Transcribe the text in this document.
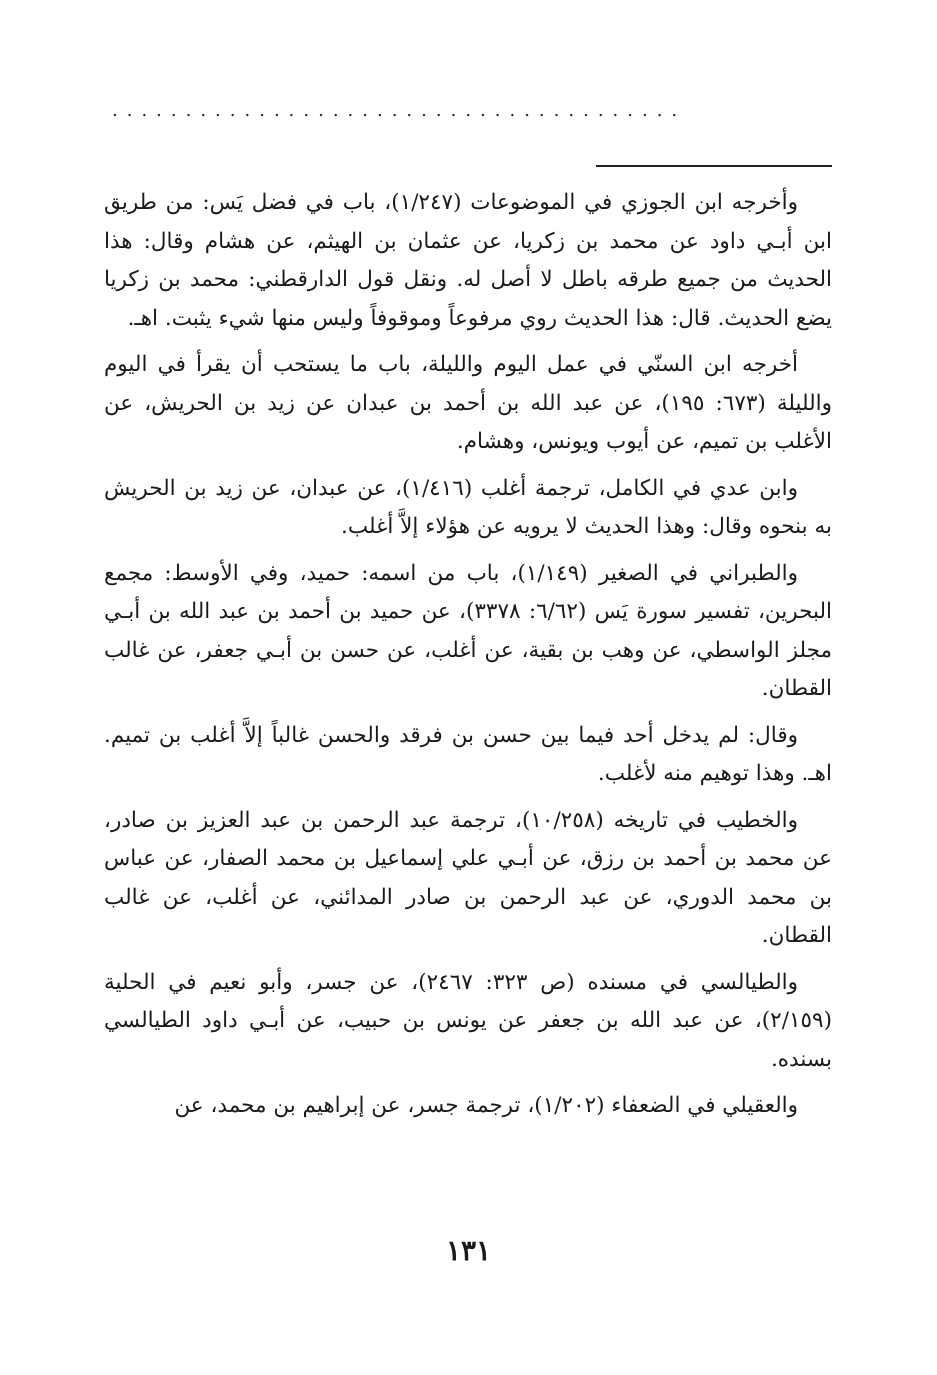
.......................................

وأخرجه ابن الجوزي في الموضوعات (١/٢٤٧)، باب في فضل يَس: من طريق ابن أبـي داود عن محمد بن زكريا، عن عثمان بن الهيثم، عن هشام وقال: هذا الحديث من جميع طرقه باطل لا أصل له. ونقل قول الدارقطني: محمد بن زكريا يضع الحديث. قال: هذا الحديث روي مرفوعاً وموقوفاً وليس منها شيء يثبت. اهـ.

أخرجه ابن السنّي في عمل اليوم والليلة، باب ما يستحب أن يقرأ في اليوم والليلة (٦٧٣: ١٩٥)، عن عبد الله بن أحمد بن عبدان عن زيد بن الحريش، عن الأغلب بن تميم، عن أيوب ويونس، وهشام.

وابن عدي في الكامل، ترجمة أغلب (١/٤١٦)، عن عبدان، عن زيد بن الحريش به بنحوه وقال: وهذا الحديث لا يرويه عن هؤلاء إلاَّ أغلب.

والطبراني في الصغير (١/١٤٩)، باب من اسمه: حميد، وفي الأوسط: مجمع البحرين، تفسير سورة يَس (٦/٦٢: ٣٣٧٨)، عن حميد بن أحمد بن عبد الله بن أبـي مجلز الواسطي، عن وهب بن بقية، عن أغلب، عن حسن بن أبـي جعفر، عن غالب القطان.

وقال: لم يدخل أحد فيما بين حسن بن فرقد والحسن غالباً إلاَّ أغلب بن تميم. اهـ. وهذا توهيم منه لأغلب.

والخطيب في تاريخه (١٠/٢٥٨)، ترجمة عبد الرحمن بن عبد العزيز بن صادر، عن محمد بن أحمد بن رزق، عن أبـي علي إسماعيل بن محمد الصفار، عن عباس بن محمد الدوري، عن عبد الرحمن بن صادر المدائني، عن أغلب، عن غالب القطان.

والطيالسي في مسنده (ص ٣٢٣: ٢٤٦٧)، عن جسر، وأبو نعيم في الحلية (٢/١٥٩)، عن عبد الله بن جعفر عن يونس بن حبيب، عن أبـي داود الطيالسي بسنده.

والعقيلي في الضعفاء (١/٢٠٢)، ترجمة جسر، عن إبراهيم بن محمد، عن

١٣١
